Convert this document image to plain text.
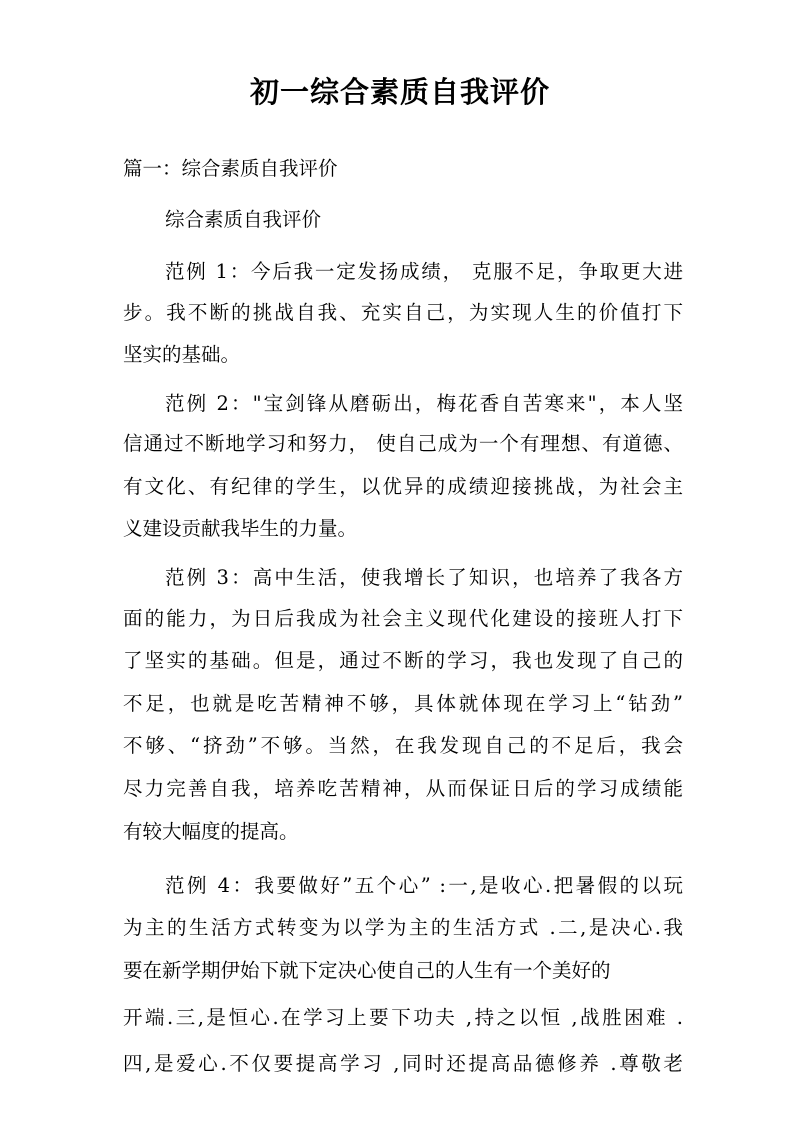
初一综合素质自我评价

篇一：综合素质自我评价

综合素质自我评价

范例 1：今后我一定发扬成绩， 克服不足，争取更大进

步。我不断的挑战自我、充实自己，为实现人生的价值打下

坚实的基础。

范例 2："宝剑锋从磨砺出，梅花香自苦寒来"，本人坚

信通过不断地学习和努力， 使自己成为一个有理想、有道德、

有文化、有纪律的学生，以优异的成绩迎接挑战，为社会主

义建设贡献我毕生的力量。

范例 3：高中生活，使我增长了知识，也培养了我各方

面的能力，为日后我成为社会主义现代化建设的接班人打下

了坚实的基础。但是，通过不断的学习，我也发现了自己的

不足，也就是吃苦精神不够，具体就体现在学习上“钻劲”

不够、“挤劲”不够。当然，在我发现自己的不足后，我会

尽力完善自我，培养吃苦精神，从而保证日后的学习成绩能

有较大幅度的提高。

范例 4：我要做好”五个心” :一,是收心.把暑假的以玩

为主的生活方式转变为以学为主的生活方式 .二,是决心.我

要在新学期伊始下就下定决心使自己的人生有一个美好的

开端.三,是恒心.在学习上要下功夫 ,持之以恒 ,战胜困难 .

四,是爱心.不仅要提高学习 ,同时还提高品德修养 .尊敬老
